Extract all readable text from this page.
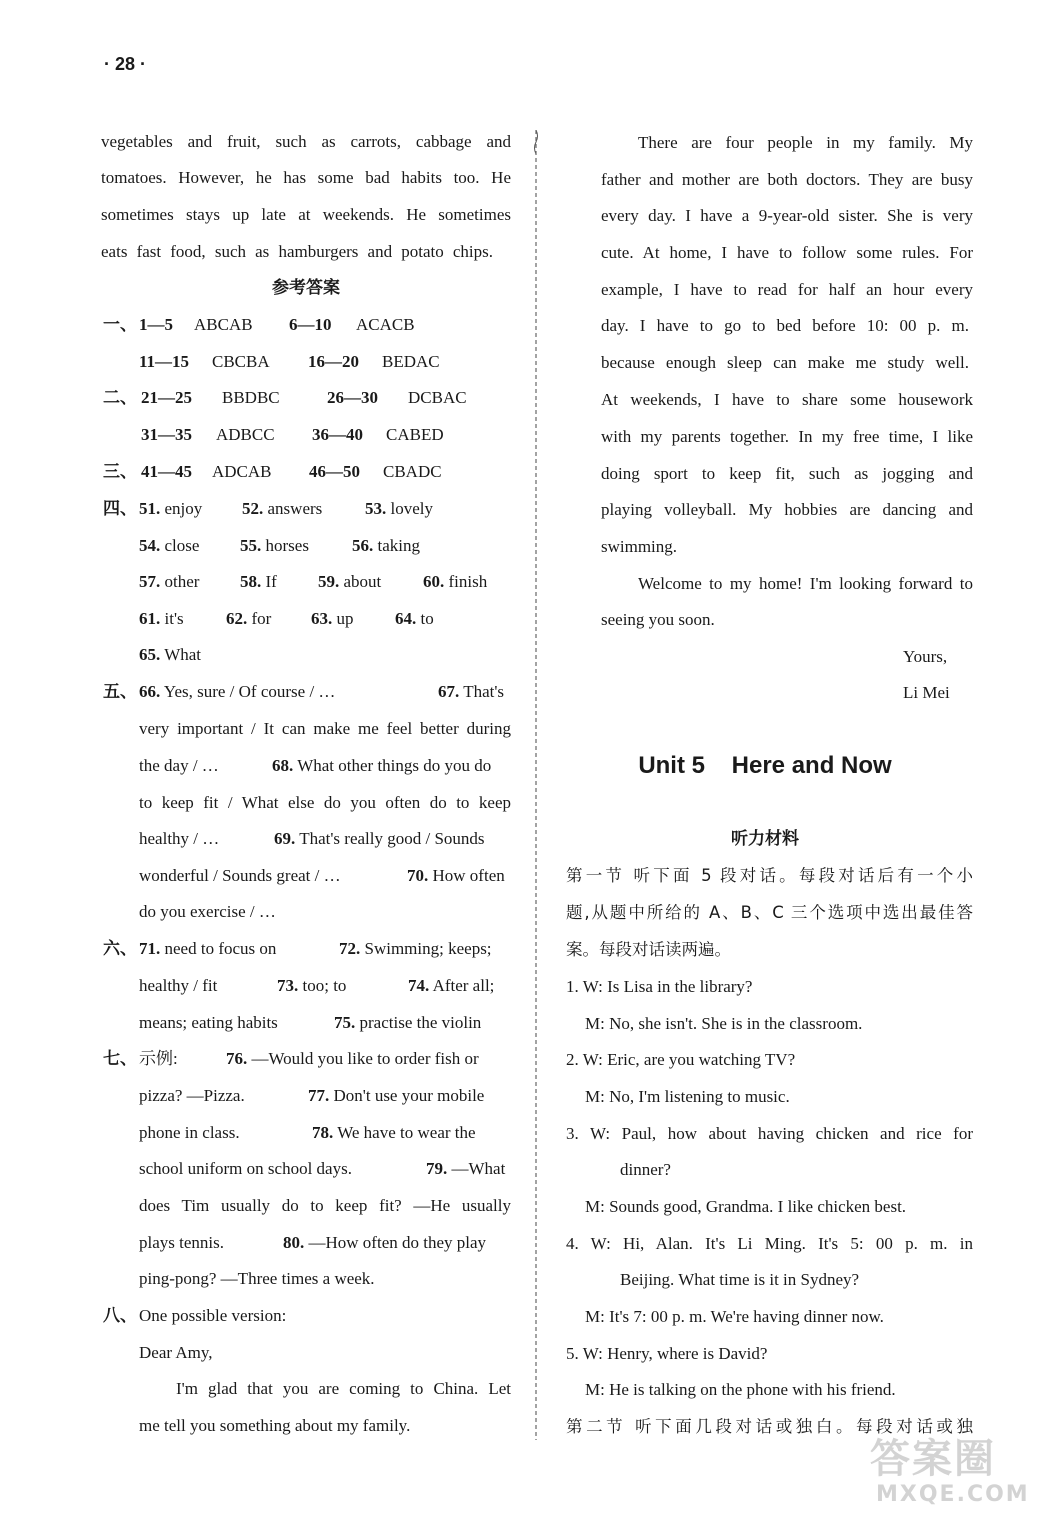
· 28 ·
vegetables and fruit, such as carrots, cabbage and
tomatoes. However, he has some bad habits too. He
sometimes stays up late at weekends. He sometimes
eats fast food, such as hamburgers and potato chips.
参考答案
一、 1—5 ABCAB 6—10 ACACB
11—15 CBCBA 16—20 BEDAC
二、 21—25 BBDBC	26—30 DCBAC
31—35 ADBCC 36—40 CABED
三、 41—45 ADCAB 46—50 CBADC
四、 51. enjoy 52. answers	53. lovely
54. close 55. horses	56. taking
57. other 58. If 59. about 60. finish
61. it's 62. for 63. up 64. to
65. What
五、 66. Yes, sure / Of course / …	67. That's
very important / It can make me feel better during
the day / …	68. What other things do you do
to keep fit / What else do you often do to keep
healthy / …	69. That's really good / Sounds
wonderful / Sounds great / …	70. How often
do you exercise / …
六、 71. need to focus on	72. Swimming; keeps;
healthy / fit	73. too; to	74. After all;
means; eating habits	75. practise the violin
七、 示例:	76. —Would you like to order fish or
pizza? —Pizza.	77. Don't use your mobile
phone in class.	78. We have to wear the
school uniform on school days.	79. —What
does Tim usually do to keep fit? —He usually
plays tennis.	80. —How often do they play
ping-pong? —Three times a week.
八、 One possible version:
Dear Amy,
I'm glad that you are coming to China. Let
me tell you something about my family.
There are four people in my family. My
father and mother are both doctors. They are busy
every day. I have a 9-year-old sister. She is very
cute. At home, I have to follow some rules. For
example, I have to read for half an hour every
day. I have to go to bed before 10: 00 p. m.
because enough sleep can make me study well.
At weekends, I have to share some housework
with my parents together. In my free time, I like
doing sport to keep fit, such as jogging and
playing volleyball. My hobbies are dancing and
swimming.
Welcome to my home! I'm looking forward to
seeing you soon.
Yours,
Li Mei
Unit 5    Here and Now
听力材料
第一节 听下面 5 段对话。每段对话后有一个小
题,从题中所给的 A、B、C 三个选项中选出最佳答
案。每段对话读两遍。
1. W: Is Lisa in the library?
M: No, she isn't. She is in the classroom.
2. W: Eric, are you watching TV?
M: No, I'm listening to music.
3. W: Paul, how about having chicken and rice for
dinner?
M: Sounds good, Grandma. I like chicken best.
4. W: Hi, Alan. It's Li Ming. It's 5: 00 p. m. in
Beijing. What time is it in Sydney?
M: It's 7: 00 p. m. We're having dinner now.
5. W: Henry, where is David?
M: He is talking on the phone with his friend.
第二节 听下面几段对话或独白。每段对话或独
答案圈
MXQE.COM
